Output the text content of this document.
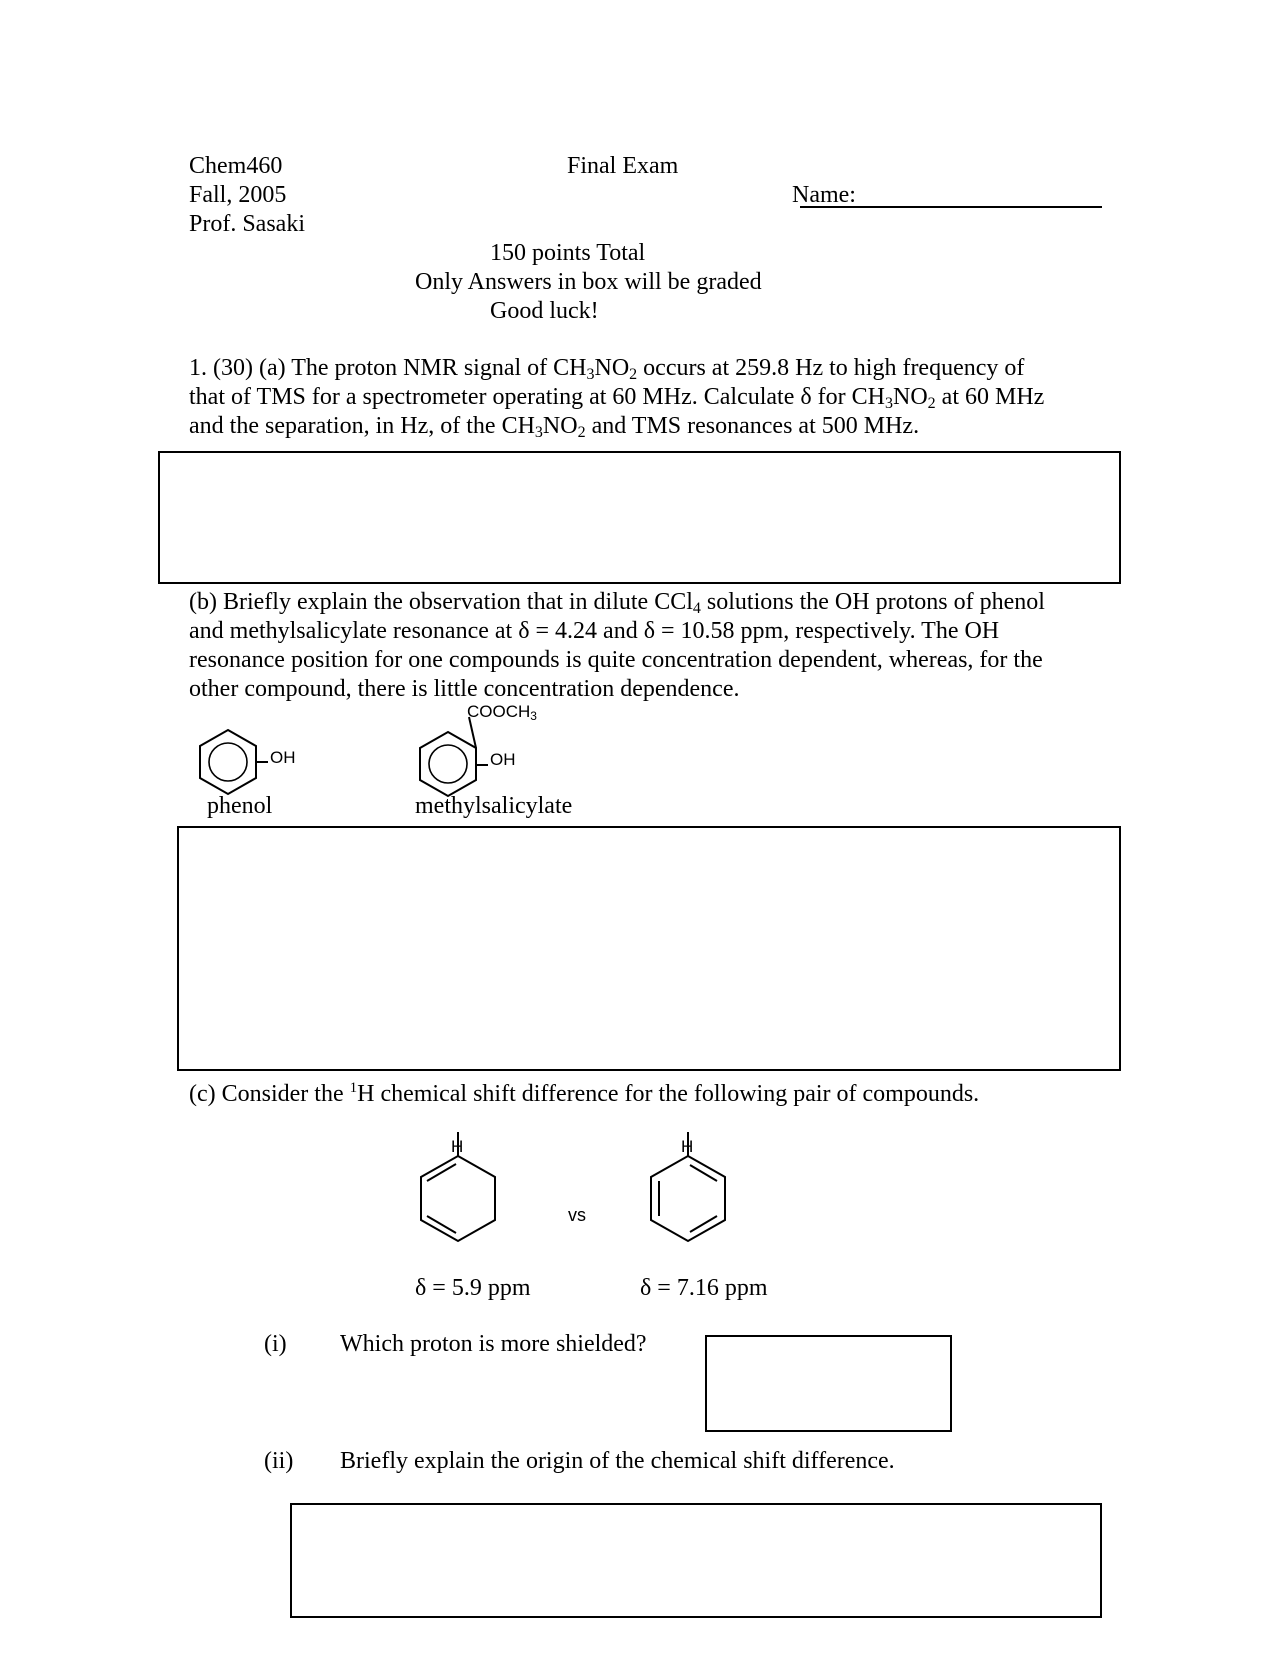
Chem460
Fall, 2005
Prof. Sasaki
Final Exam
Name:
150 points Total
Only Answers in box will be graded
Good luck!
1. (30) (a) The proton NMR signal of $CH_3NO_2$ occurs at 259.8 Hz to high frequency of
that of TMS for a spectrometer operating at 60 MHz. Calculate δ for $CH_3NO_2$ at 60 MHz
and the separation, in Hz, of the $CH_3NO_2$ and TMS resonances at 500 MHz.
(b) Briefly explain the observation that in dilute CCl$_4$ solutions the OH protons of phenol
and methylsalicylate resonance at δ = 4.24 and δ = 10.58 ppm, respectively. The OH
resonance position for one compounds is quite concentration dependent, whereas, for the
other compound, there is little concentration dependence.
OH
phenol
$COOCH_3$
OH
methylsalicylate
(c) Consider the $^1$H chemical shift difference for the following pair of compounds.
H
vs
H
δ = 5.9 ppm	δ = 7.16 ppm
(i) Which proton is more shielded?
(ii) Briefly explain the origin of the chemical shift difference.
